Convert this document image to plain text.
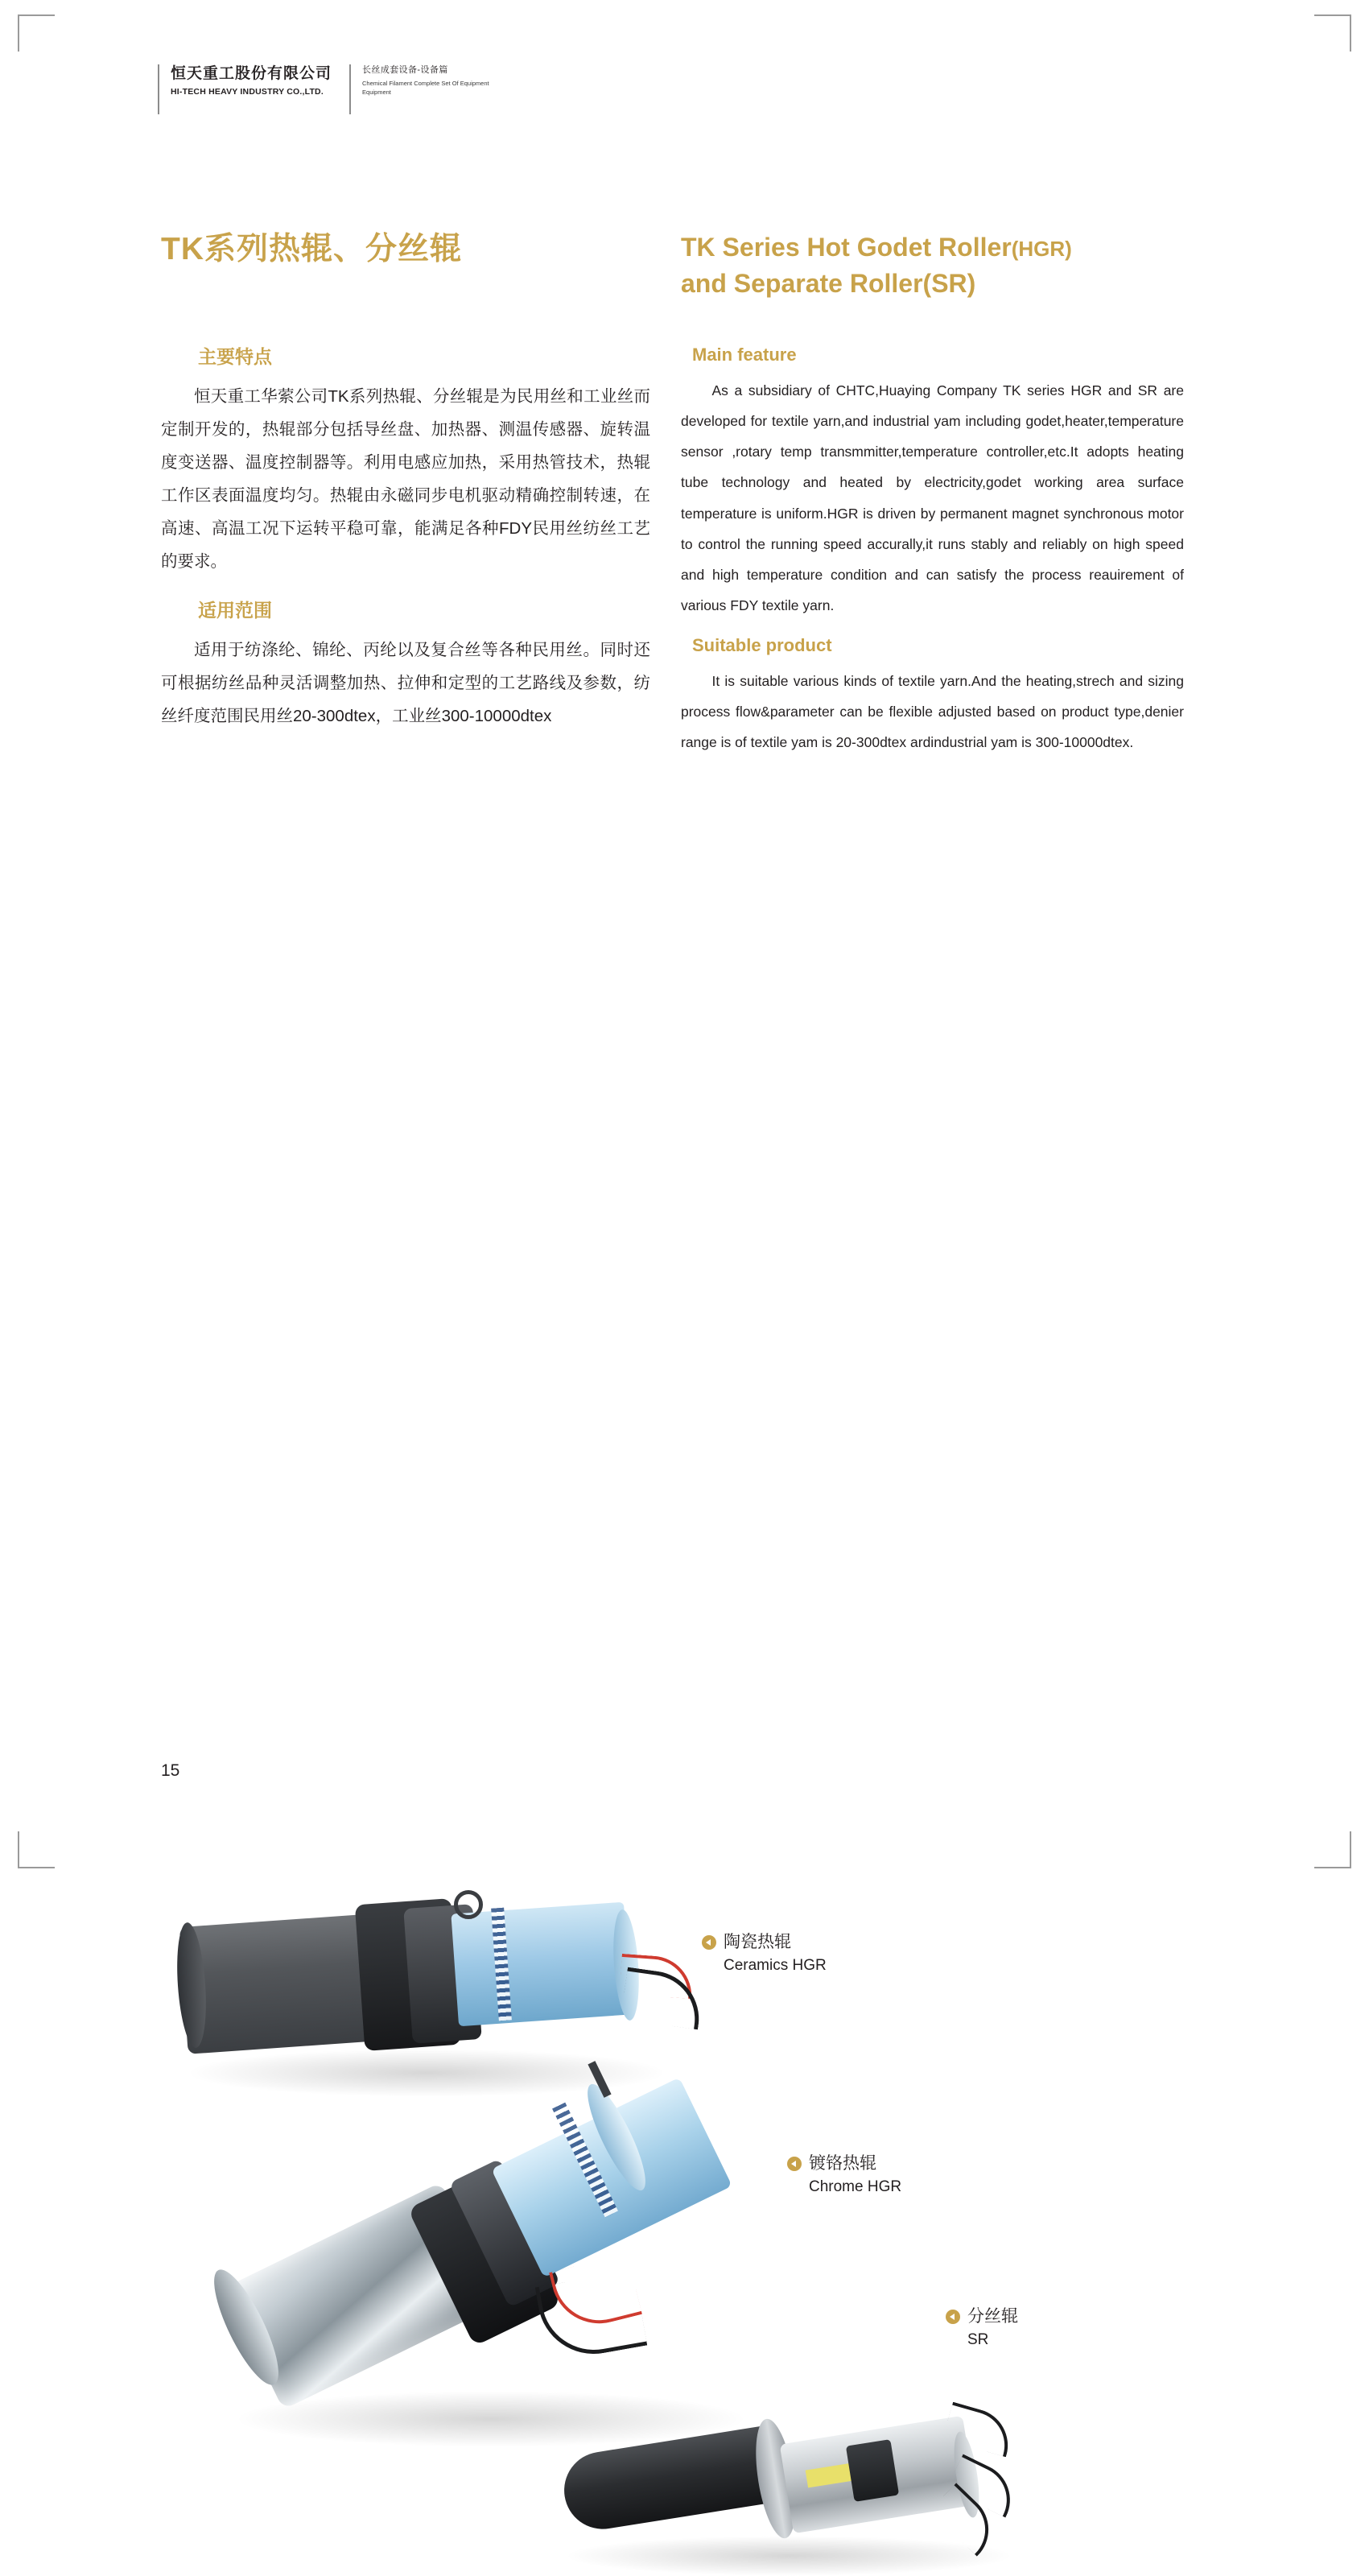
恒天重工股份有限公司
HI-TECH HEAVY INDUSTRY CO.,LTD.
长丝成套设备-设备篇
Chemical Filament Complete Set Of Equipment Equipment
TK系列热辊、分丝辊	TK Series Hot Godet Roller(HGR)
and Separate Roller(SR)
主要特点
恒天重工华萦公司TK系列热辊、分丝辊是为民用丝和工业丝而定制开发的，热辊部分包括导丝盘、加热器、测温传感器、旋转温度变送器、温度控制器等。利用电感应加热，采用热管技术，热辊工作区表面温度均匀。热辊由永磁同步电机驱动精确控制转速，在高速、高温工况下运转平稳可靠，能满足各种FDY民用丝纺丝工艺的要求。
适用范围
适用于纺涤纶、锦纶、丙纶以及复合丝等各种民用丝。同时还可根据纺丝品种灵活调整加热、拉伸和定型的工艺路线及参数，纺丝纤度范围民用丝20-300dtex，工业丝300-10000dtex
Main feature
As a subsidiary of CHTC,Huaying Company TK series HGR and SR are developed for textile yarn,and industrial yam including godet,heater,temperature sensor ,rotary temp transmmitter,temperature controller,etc.It adopts heating tube technology and heated by electricity,godet working area surface temperature is uniform.HGR is driven by permanent magnet synchronous motor to control the running speed accurally,it runs stably and reliably on high speed and high temperature condition and can satisfy the process reauirement of various FDY textile yarn.
Suitable product
It is suitable various kinds of textile yarn.And the heating,strech and sizing process flow&parameter can be flexible adjusted based on product type,denier range is of textile yam is 20-300dtex ardindustrial yam is 300-10000dtex.
陶瓷热辊
Ceramics HGR
镀铬热辊
Chrome HGR
分丝辊
SR
15
